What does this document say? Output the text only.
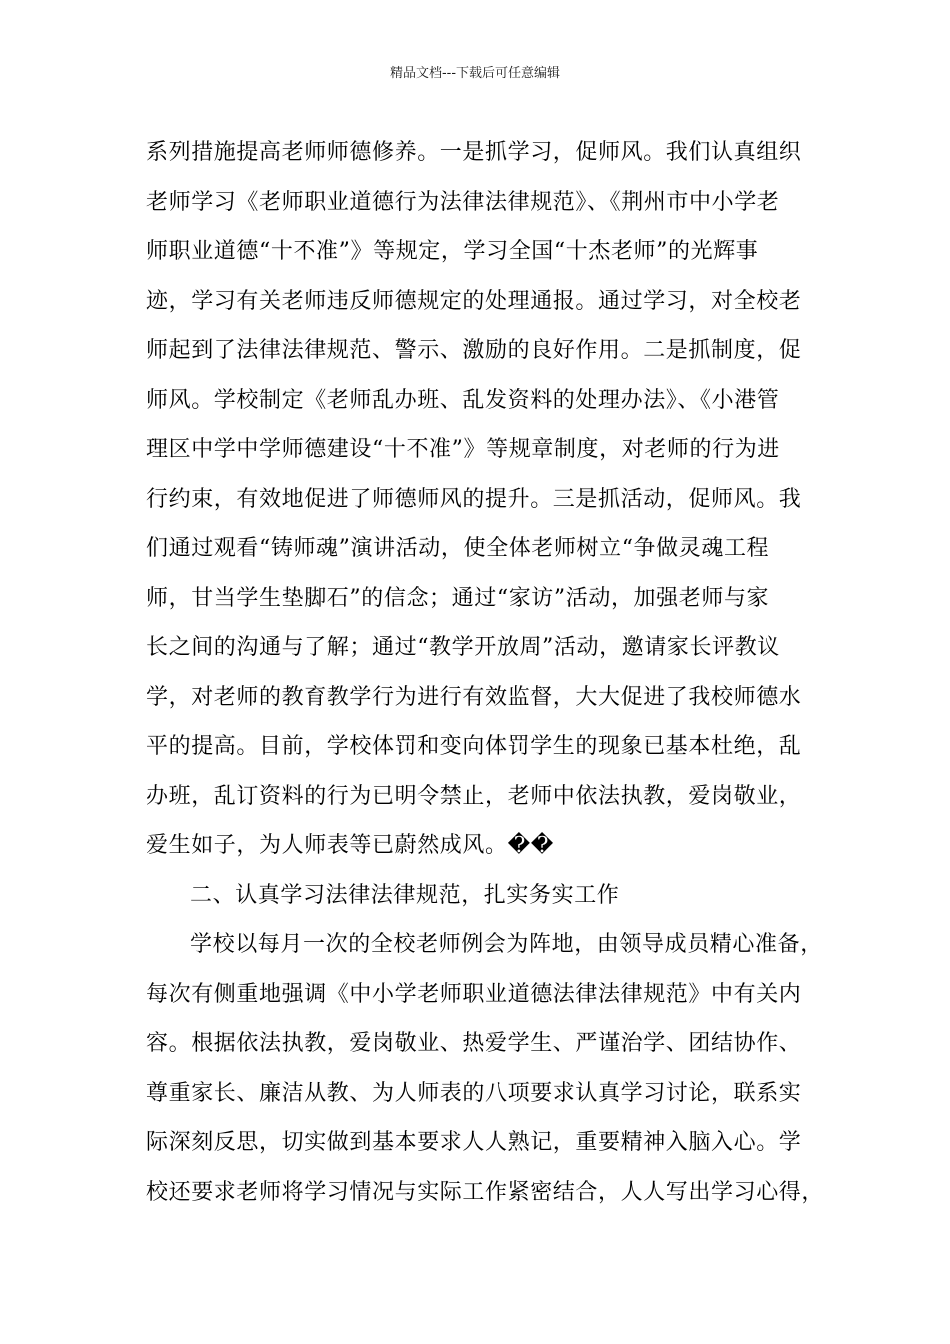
精品文档---下载后可任意编辑
系列措施提高老师师德修养。一是抓学习，促师风。我们认真组织
老师学习《老师职业道德行为法律法律规范》、《荆州市中小学老
师职业道德“十不准”》等规定，学习全国“十杰老师”的光辉事
迹，学习有关老师违反师德规定的处理通报。通过学习，对全校老
师起到了法律法律规范、警示、激励的良好作用。二是抓制度，促
师风。学校制定《老师乱办班、乱发资料的处理办法》、《小港管
理区中学中学师德建设“十不准”》等规章制度，对老师的行为进
行约束，有效地促进了师德师风的提升。三是抓活动，促师风。我
们通过观看“铸师魂”演讲活动，使全体老师树立“争做灵魂工程
师，甘当学生垫脚石”的信念；通过“家访”活动，加强老师与家
长之间的沟通与了解；通过“教学开放周”活动，邀请家长评教议
学，对老师的教育教学行为进行有效监督，大大促进了我校师德水
平的提高。目前，学校体罚和变向体罚学生的现象已基本杜绝，乱
办班，乱订资料的行为已明令禁止，老师中依法执教，爱岗敬业，
爱生如子，为人师表等已蔚然成风。��
二、认真学习法律法律规范，扎实务实工作
学校以每月一次的全校老师例会为阵地，由领导成员精心准备，
每次有侧重地强调《中小学老师职业道德法律法律规范》中有关内
容。根据依法执教，爱岗敬业、热爱学生、严谨治学、团结协作、
尊重家长、廉洁从教、为人师表的八项要求认真学习讨论，联系实
际深刻反思，切实做到基本要求人人熟记，重要精神入脑入心。学
校还要求老师将学习情况与实际工作紧密结合，人人写出学习心得，
